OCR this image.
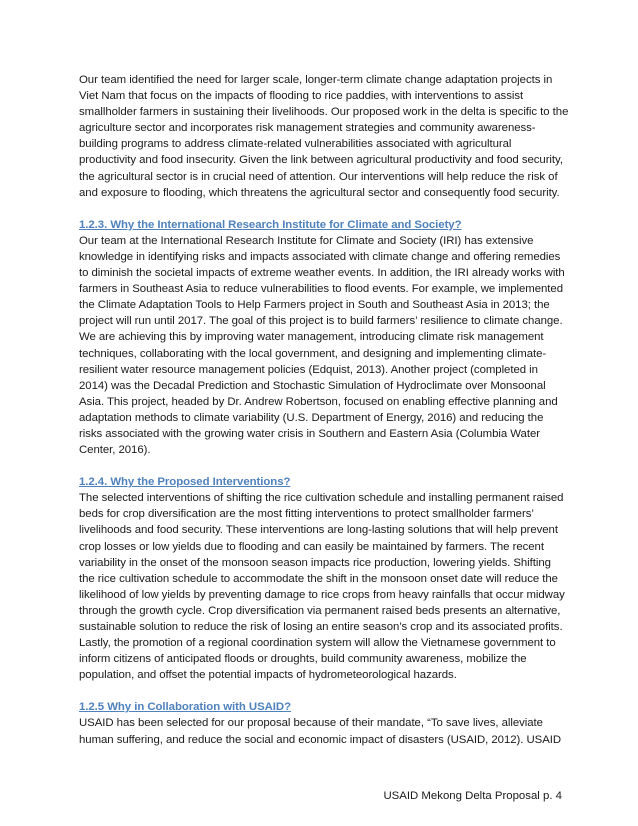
Our team identified the need for larger scale, longer-term climate change adaptation projects in Viet Nam that focus on the impacts of flooding to rice paddies, with interventions to assist smallholder farmers in sustaining their livelihoods. Our proposed work in the delta is specific to the agriculture sector and incorporates risk management strategies and community awareness-building programs to address climate-related vulnerabilities associated with agricultural productivity and food insecurity. Given the link between agricultural productivity and food security, the agricultural sector is in crucial need of attention. Our interventions will help reduce the risk of and exposure to flooding, which threatens the agricultural sector and consequently food security.

1.2.3. Why the International Research Institute for Climate and Society?

Our team at the International Research Institute for Climate and Society (IRI) has extensive knowledge in identifying risks and impacts associated with climate change and offering remedies to diminish the societal impacts of extreme weather events. In addition, the IRI already works with farmers in Southeast Asia to reduce vulnerabilities to flood events. For example, we implemented the Climate Adaptation Tools to Help Farmers project in South and Southeast Asia in 2013; the project will run until 2017. The goal of this project is to build farmers’ resilience to climate change. We are achieving this by improving water management, introducing climate risk management techniques, collaborating with the local government, and designing and implementing climate-resilient water resource management policies (Edquist, 2013). Another project (completed in 2014) was the Decadal Prediction and Stochastic Simulation of Hydroclimate over Monsoonal Asia. This project, headed by Dr. Andrew Robertson, focused on enabling effective planning and adaptation methods to climate variability (U.S. Department of Energy, 2016) and reducing the risks associated with the growing water crisis in Southern and Eastern Asia (Columbia Water Center, 2016).

1.2.4. Why the Proposed Interventions?

The selected interventions of shifting the rice cultivation schedule and installing permanent raised beds for crop diversification are the most fitting interventions to protect smallholder farmers’ livelihoods and food security. These interventions are long-lasting solutions that will help prevent crop losses or low yields due to flooding and can easily be maintained by farmers. The recent variability in the onset of the monsoon season impacts rice production, lowering yields. Shifting the rice cultivation schedule to accommodate the shift in the monsoon onset date will reduce the likelihood of low yields by preventing damage to rice crops from heavy rainfalls that occur midway through the growth cycle. Crop diversification via permanent raised beds presents an alternative, sustainable solution to reduce the risk of losing an entire season’s crop and its associated profits. Lastly, the promotion of a regional coordination system will allow the Vietnamese government to inform citizens of anticipated floods or droughts, build community awareness, mobilize the population, and offset the potential impacts of hydrometeorological hazards.

1.2.5 Why in Collaboration with USAID?

USAID has been selected for our proposal because of their mandate, “To save lives, alleviate human suffering, and reduce the social and economic impact of disasters (USAID, 2012). USAID

USAID Mekong Delta Proposal p. 4
